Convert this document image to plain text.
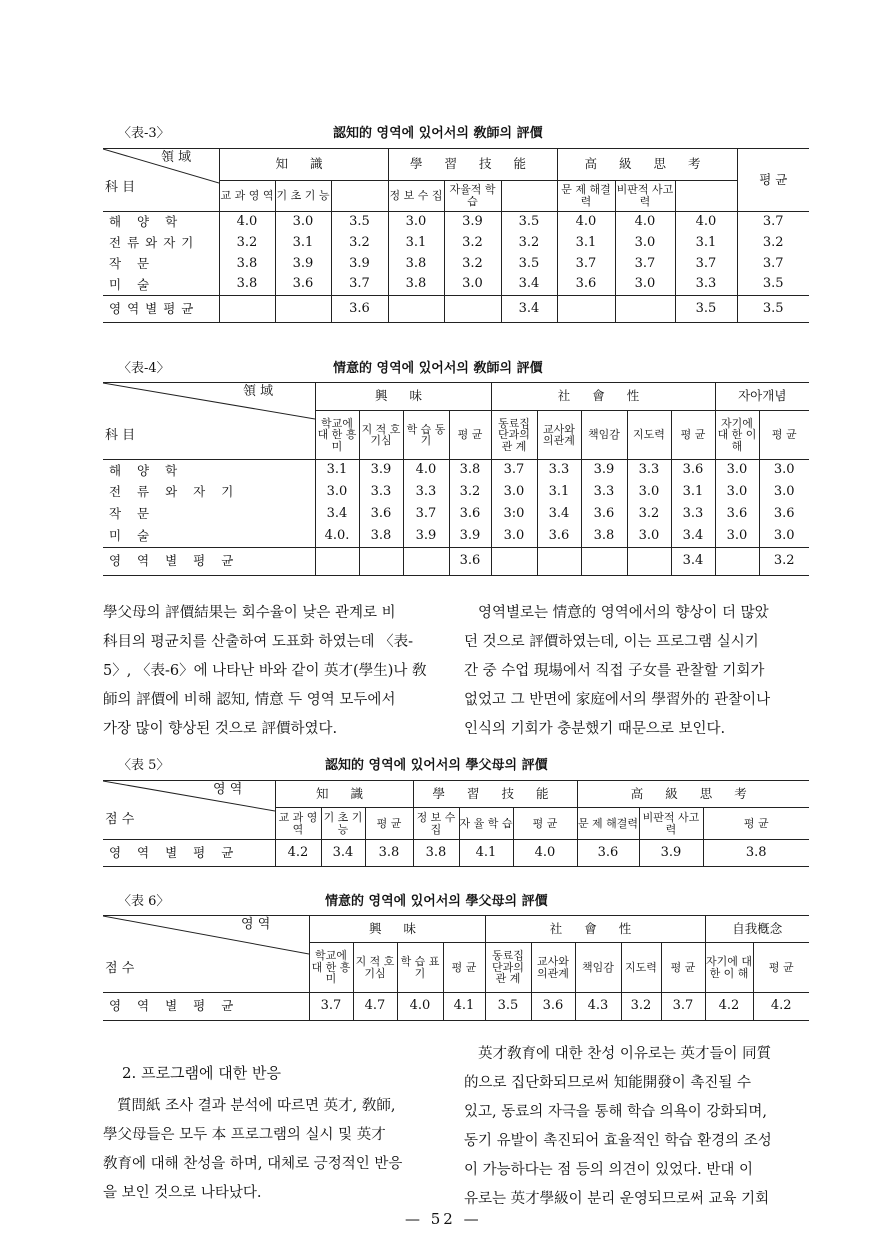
〈表-3〉	認知的 영역에 있어서의 敎師의 評價
領 域
科 目	知 識			學 習 技 能			高 級 思 考			평 균
	교 과 영 역	기 초 기 능		정 보 수 집	자율적 학 습		문 제 해결력	비판적 사고력		
해 양 학	4.0	3.0	3.5	3.0	3.9	3.5	4.0	4.0	4.0	3.7
전류와자기	3.2	3.1	3.2	3.1	3.2	3.2	3.1	3.0	3.1	3.2
작 문	3.8	3.9	3.9	3.8	3.2	3.5	3.7	3.7	3.7	3.7
미 술	3.8	3.6	3.7	3.8	3.0	3.4	3.6	3.0	3.3	3.5
영역별평균			3.6			3.4			3.5	3.5
〈表-4〉	情意的 영역에 있어서의 敎師의 評價
領 域
科 目	興 味				社 會 性					자아개념	
	학교에 대 한 흥 미	지 적 호기심	학 습 동 기	평 균	동료집 단과의 관 계	교사와 의관계	책임감	지도력	평 균	자기에 대 한 이 해	평 균
해 양 학	3.1	3.9	4.0	3.8	3.7	3.3	3.9	3.3	3.6	3.0	3.0
전 류 와 자 기	3.0	3.3	3.3	3.2	3.0	3.1	3.3	3.0	3.1	3.0	3.0
작 문	3.4	3.6	3.7	3.6	3:0	3.4	3.6	3.2	3.3	3.6	3.6
미 술	4.0.	3.8	3.9	3.9	3.0	3.6	3.8	3.0	3.4	3.0	3.0
영 역 별 평 균				3.6					3.4		3.2
學父母의 評價結果는 회수율이 낮은 관계로 비
科目의 평균치를 산출하여 도표화 하였는데 〈表-
5〉, 〈表-6〉에 나타난 바와 같이 英才(學生)나 敎
師의 評價에 비해 認知, 情意 두 영역 모두에서
가장 많이 향상된 것으로 評價하였다.
영역별로는 情意的 영역에서의 향상이 더 많았
던 것으로 評價하였는데, 이는 프로그램 실시기
간 중 수업 現場에서 직접 子女를 관찰할 기회가
없었고 그 반면에 家庭에서의 學習外的 관찰이나
인식의 기회가 충분했기 때문으로 보인다.
〈表 5〉	認知的 영역에 있어서의 學父母의 評價
영 역
점 수	知 識			學 習 技 能			高 級 思 考		
	교 과 영 역	기 초 기 능	평 균	정 보 수 집	자 율 학 습	평 균	문 제 해결력	비판적 사고력	평 균
영 역 별 평 균	4.2	3.4	3.8	3.8	4.1	4.0	3.6	3.9	3.8
〈表 6〉	情意的 영역에 있어서의 學父母의 評價
영 역
점 수	興 味				社 會 性					自我槪念	
	학교에 대 한 흥 미	지 적 호기심	학 습 표 기	평 균	동료집 단과의 관 계	교사와 의관계	책임감	지도력	평 균	자기에 대 한 이 해	평 균
영 역 별 평 균	3.7	4.7	4.0	4.1	3.5	3.6	4.3	3.2	3.7	4.2	4.2
2. 프로그램에 대한 반응
質問紙 조사 결과 분석에 따르면 英才, 敎師,
學父母들은 모두 本 프로그램의 실시 및 英才
敎育에 대해 찬성을 하며, 대체로 긍정적인 반응
을 보인 것으로 나타났다.
英才敎育에 대한 찬성 이유로는 英才들이 同質
的으로 집단화되므로써 知能開發이 촉진될 수
있고, 동료의 자극을 통해 학습 의욕이 강화되며,
동기 유발이 촉진되어 효율적인 학습 환경의 조성
이 가능하다는 점 등의 의견이 있었다. 반대 이
유로는 英才學級이 분리 운영되므로써 교육 기회
— 52 —
